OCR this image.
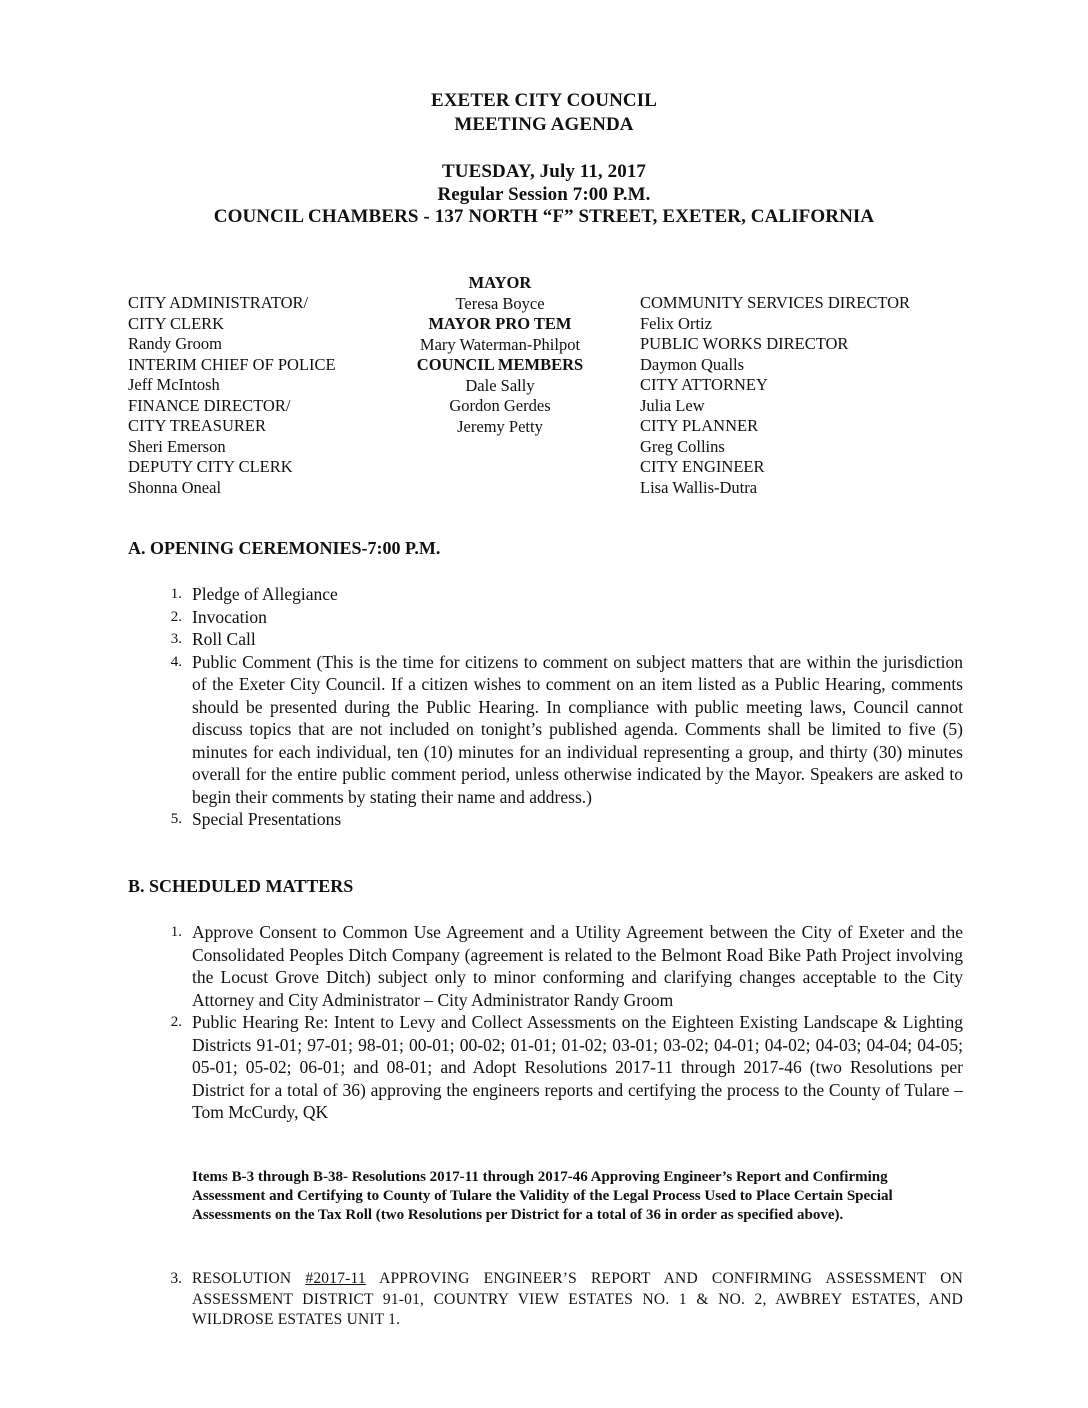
EXETER CITY COUNCIL
MEETING AGENDA
TUESDAY, July 11, 2017
Regular Session 7:00 P.M.
COUNCIL CHAMBERS - 137 NORTH “F” STREET, EXETER, CALIFORNIA
CITY ADMINISTRATOR/
CITY CLERK
Randy Groom
INTERIM CHIEF OF POLICE
Jeff McIntosh
FINANCE DIRECTOR/
CITY TREASURER
Sheri Emerson
DEPUTY CITY CLERK
Shonna Oneal
MAYOR
Teresa Boyce
MAYOR PRO TEM
Mary Waterman-Philpot
COUNCIL MEMBERS
Dale Sally
Gordon Gerdes
Jeremy Petty
COMMUNITY SERVICES DIRECTOR
Felix Ortiz
PUBLIC WORKS DIRECTOR
Daymon Qualls
CITY ATTORNEY
Julia Lew
CITY PLANNER
Greg Collins
CITY ENGINEER
Lisa Wallis-Dutra
A. OPENING CEREMONIES-7:00 P.M.
1. Pledge of Allegiance
2. Invocation
3. Roll Call
4. Public Comment (This is the time for citizens to comment on subject matters that are within the jurisdiction of the Exeter City Council. If a citizen wishes to comment on an item listed as a Public Hearing, comments should be presented during the Public Hearing. In compliance with public meeting laws, Council cannot discuss topics that are not included on tonight’s published agenda. Comments shall be limited to five (5) minutes for each individual, ten (10) minutes for an individual representing a group, and thirty (30) minutes overall for the entire public comment period, unless otherwise indicated by the Mayor. Speakers are asked to begin their comments by stating their name and address.)
5. Special Presentations
B. SCHEDULED MATTERS
1. Approve Consent to Common Use Agreement and a Utility Agreement between the City of Exeter and the Consolidated Peoples Ditch Company (agreement is related to the Belmont Road Bike Path Project involving the Locust Grove Ditch) subject only to minor conforming and clarifying changes acceptable to the City Attorney and City Administrator – City Administrator Randy Groom
2. Public Hearing Re: Intent to Levy and Collect Assessments on the Eighteen Existing Landscape & Lighting Districts 91-01; 97-01; 98-01; 00-01; 00-02; 01-01; 01-02; 03-01; 03-02; 04-01; 04-02; 04-03; 04-04; 04-05; 05-01; 05-02; 06-01; and 08-01; and Adopt Resolutions 2017-11 through 2017-46 (two Resolutions per District for a total of 36) approving the engineers reports and certifying the process to the County of Tulare – Tom McCurdy, QK
Items B-3 through B-38- Resolutions 2017-11 through 2017-46 Approving Engineer’s Report and Confirming Assessment and Certifying to County of Tulare the Validity of the Legal Process Used to Place Certain Special Assessments on the Tax Roll (two Resolutions per District for a total of 36 in order as specified above).
3. RESOLUTION #2017-11 APPROVING ENGINEER’S REPORT AND CONFIRMING ASSESSMENT ON ASSESSMENT DISTRICT 91-01, COUNTRY VIEW ESTATES NO. 1 & NO. 2, AWBREY ESTATES, AND WILDROSE ESTATES UNIT 1.
